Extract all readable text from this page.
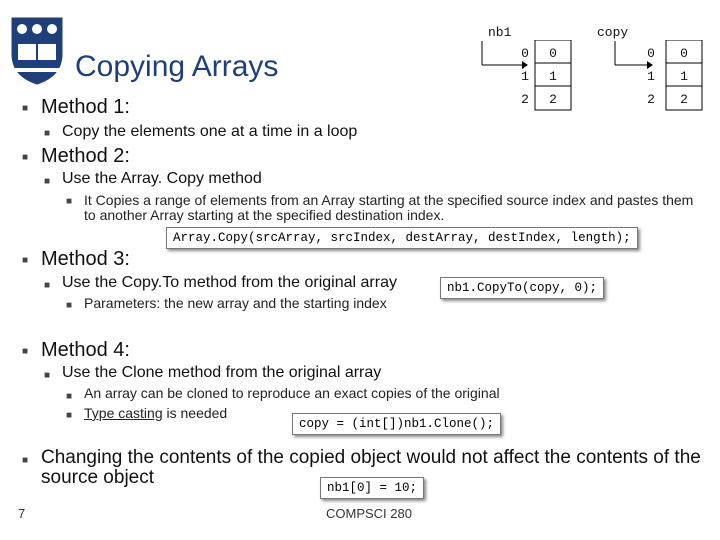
Copying Arrays
nb1	copy
0
1
2
0
1
2
0
1
2
0
1
2
■ Method 1:
■ Copy the elements one at a time in a loop
■ Method 2:
■ Use the Array. Copy method
■ It Copies a range of elements from an Array starting at the specified source index and pastes them to another Array starting at the specified destination index.
Array.Copy(srcArray, srcIndex, destArray, destIndex, length);
■ Method 3:
■ Use the Copy.To method from the original array	nb1.CopyTo(copy, 0);
■ Parameters: the new array and the starting index
■ Method 4:
■ Use the Clone method from the original array
■ An array can be cloned to reproduce an exact copies of the original
■ Type casting is needed
copy = (int[])nb1.Clone();
■ Changing the contents of the copied object would not affect the contents of the source object	nb1[0] = 10;
7	COMPSCI 280
